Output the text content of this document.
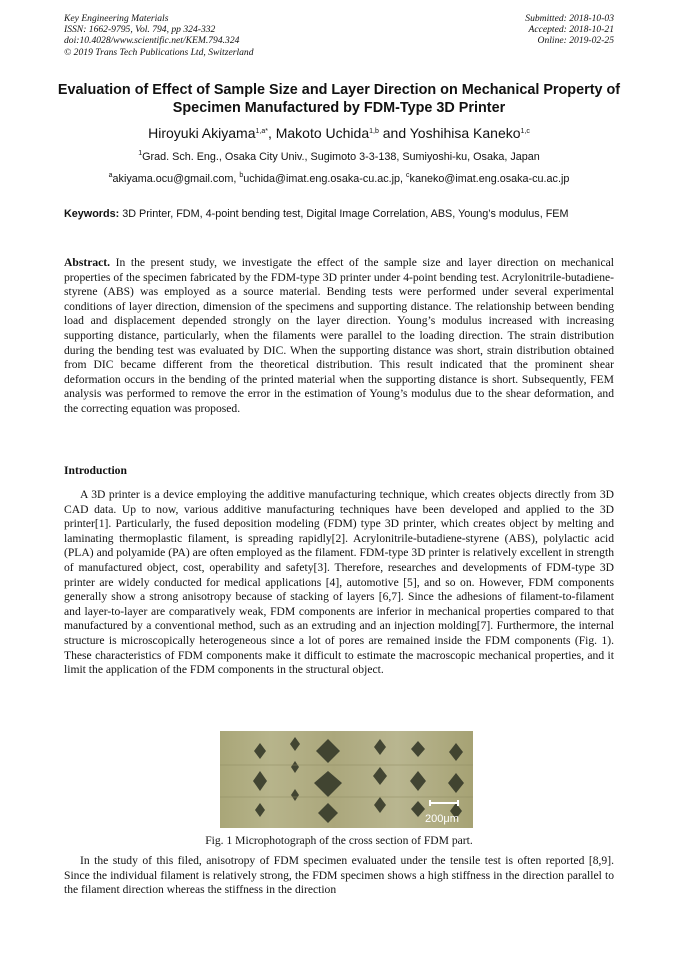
Key Engineering Materials
ISSN: 1662-9795, Vol. 794, pp 324-332
doi:10.4028/www.scientific.net/KEM.794.324
© 2019 Trans Tech Publications Ltd, Switzerland
Submitted: 2018-10-03
Accepted: 2018-10-21
Online: 2019-02-25
Evaluation of Effect of Sample Size and Layer Direction on Mechanical Property of Specimen Manufactured by FDM-Type 3D Printer
Hiroyuki Akiyama$^{1,a*}$, Makoto Uchida$^{1,b}$ and Yoshihisa Kaneko$^{1,c}$
$^1$Grad. Sch. Eng., Osaka City Univ., Sugimoto 3-3-138, Sumiyoshi-ku, Osaka, Japan
$^a$akiyama.ocu@gmail.com, $^b$uchida@imat.eng.osaka-cu.ac.jp, $^c$kaneko@imat.eng.osaka-cu.ac.jp
Keywords: 3D Printer, FDM, 4-point bending test, Digital Image Correlation, ABS, Young’s modulus, FEM
Abstract. In the present study, we investigate the effect of the sample size and layer direction on mechanical properties of the specimen fabricated by the FDM-type 3D printer under 4-point bending test. Acrylonitrile-butadiene-styrene (ABS) was employed as a source material. Bending tests were performed under several experimental conditions of layer direction, dimension of the specimens and supporting distance. The relationship between bending load and displacement depended strongly on the layer direction. Young’s modulus increased with increasing supporting distance, particularly, when the filaments were parallel to the loading direction. The strain distribution during the bending test was evaluated by DIC. When the supporting distance was short, strain distribution obtained from DIC became different from the theoretical distribution. This result indicated that the prominent shear deformation occurs in the bending of the printed material when the supporting distance is short. Subsequently, FEM analysis was performed to remove the error in the estimation of Young’s modulus due to the shear deformation, and the correcting equation was proposed.
Introduction
A 3D printer is a device employing the additive manufacturing technique, which creates objects directly from 3D CAD data. Up to now, various additive manufacturing techniques have been developed and applied to the 3D printer[1]. Particularly, the fused deposition modeling (FDM) type 3D printer, which creates object by melting and laminating thermoplastic filament, is spreading rapidly[2]. Acrylonitrile-butadiene-styrene (ABS), polylactic acid (PLA) and polyamide (PA) are often employed as the filament. FDM-type 3D printer is relatively excellent in strength of manufactured object, cost, operability and safety[3]. Therefore, researches and developments of FDM-type 3D printer are widely conducted for medical applications [4], automotive [5], and so on. However, FDM components generally show a strong anisotropy because of stacking of layers [6,7]. Since the adhesions of filament-to-filament and layer-to-layer are comparatively weak, FDM components are inferior in mechanical properties compared to that manufactured by a conventional method, such as an extruding and an injection molding[7]. Furthermore, the internal structure is microscopically heterogeneous since a lot of pores are remained inside the FDM components (Fig. 1). These characteristics of FDM components make it difficult to estimate the macroscopic mechanical properties, and it limit the application of the FDM components in the structural object.
200μm
Fig. 1 Microphotograph of the cross section of FDM part.
In the study of this filed, anisotropy of FDM specimen evaluated under the tensile test is often reported [8,9]. Since the individual filament is relatively strong, the FDM specimen shows a high stiffness in the direction parallel to the filament direction whereas the stiffness in the direction
